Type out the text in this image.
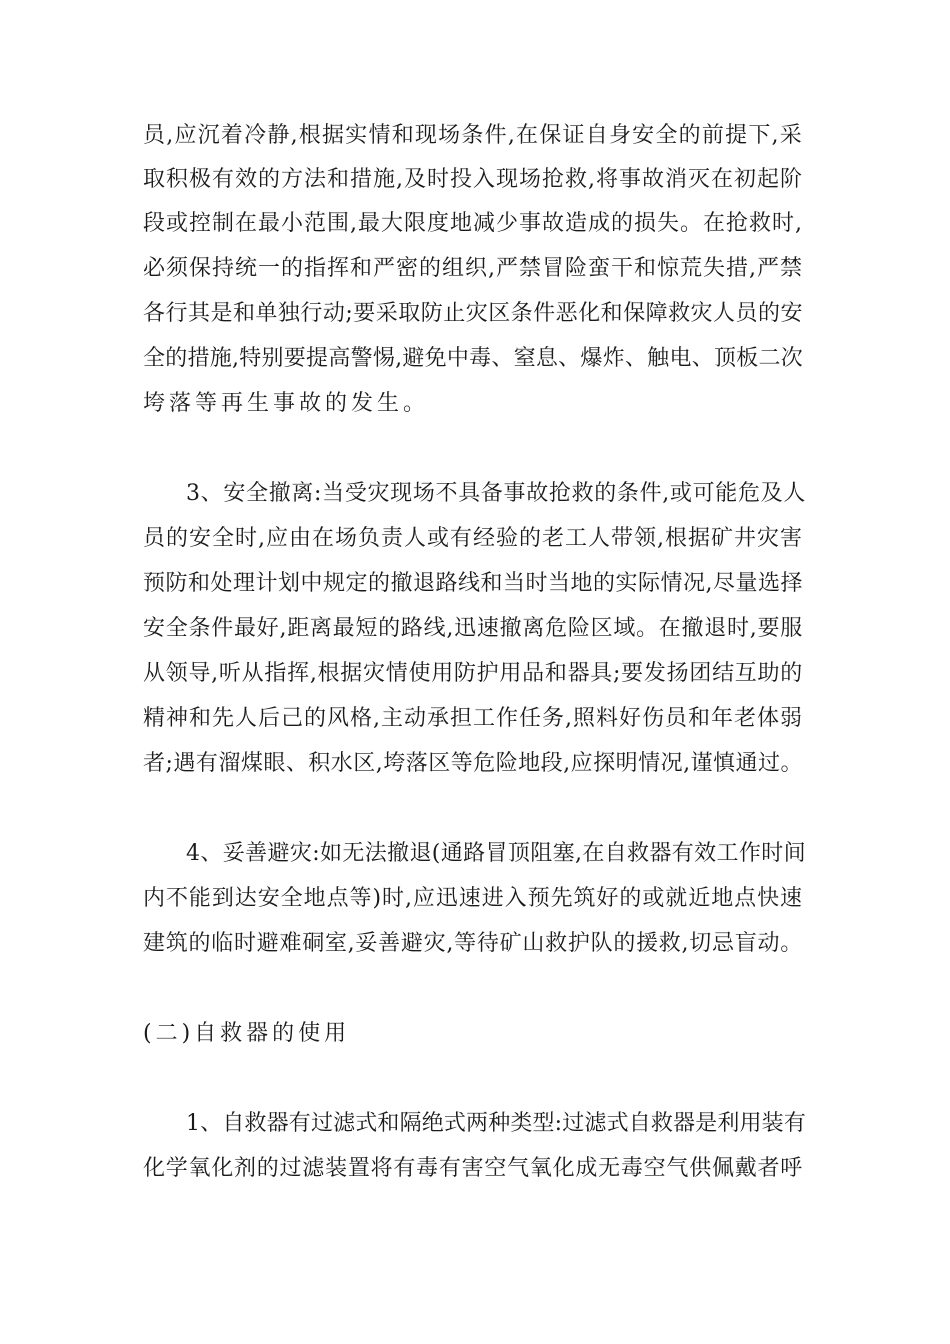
员,应沉着冷静,根据实情和现场条件,在保证自身安全的前提下,采
取积极有效的方法和措施,及时投入现场抢救,将事故消灭在初起阶
段或控制在最小范围,最大限度地减少事故造成的损失。在抢救时,
必须保持统一的指挥和严密的组织,严禁冒险蛮干和惊荒失措,严禁
各行其是和单独行动;要采取防止灾区条件恶化和保障救灾人员的安
全的措施,特别要提高警惕,避免中毒、窒息、爆炸、触电、顶板二次
垮落等再生事故的发生。
3、安全撤离:当受灾现场不具备事故抢救的条件,或可能危及人
员的安全时,应由在场负责人或有经验的老工人带领,根据矿井灾害
预防和处理计划中规定的撤退路线和当时当地的实际情况,尽量选择
安全条件最好,距离最短的路线,迅速撤离危险区域。在撤退时,要服
从领导,听从指挥,根据灾情使用防护用品和器具;要发扬团结互助的
精神和先人后己的风格,主动承担工作任务,照料好伤员和年老体弱
者;遇有溜煤眼、积水区,垮落区等危险地段,应探明情况,谨慎通过。
4、妥善避灾:如无法撤退(通路冒顶阻塞,在自救器有效工作时间
内不能到达安全地点等)时,应迅速进入预先筑好的或就近地点快速
建筑的临时避难硐室,妥善避灾,等待矿山救护队的援救,切忌盲动。
(二)自救器的使用
1、自救器有过滤式和隔绝式两种类型:过滤式自救器是利用装有
化学氧化剂的过滤装置将有毒有害空气氧化成无毒空气供佩戴者呼
